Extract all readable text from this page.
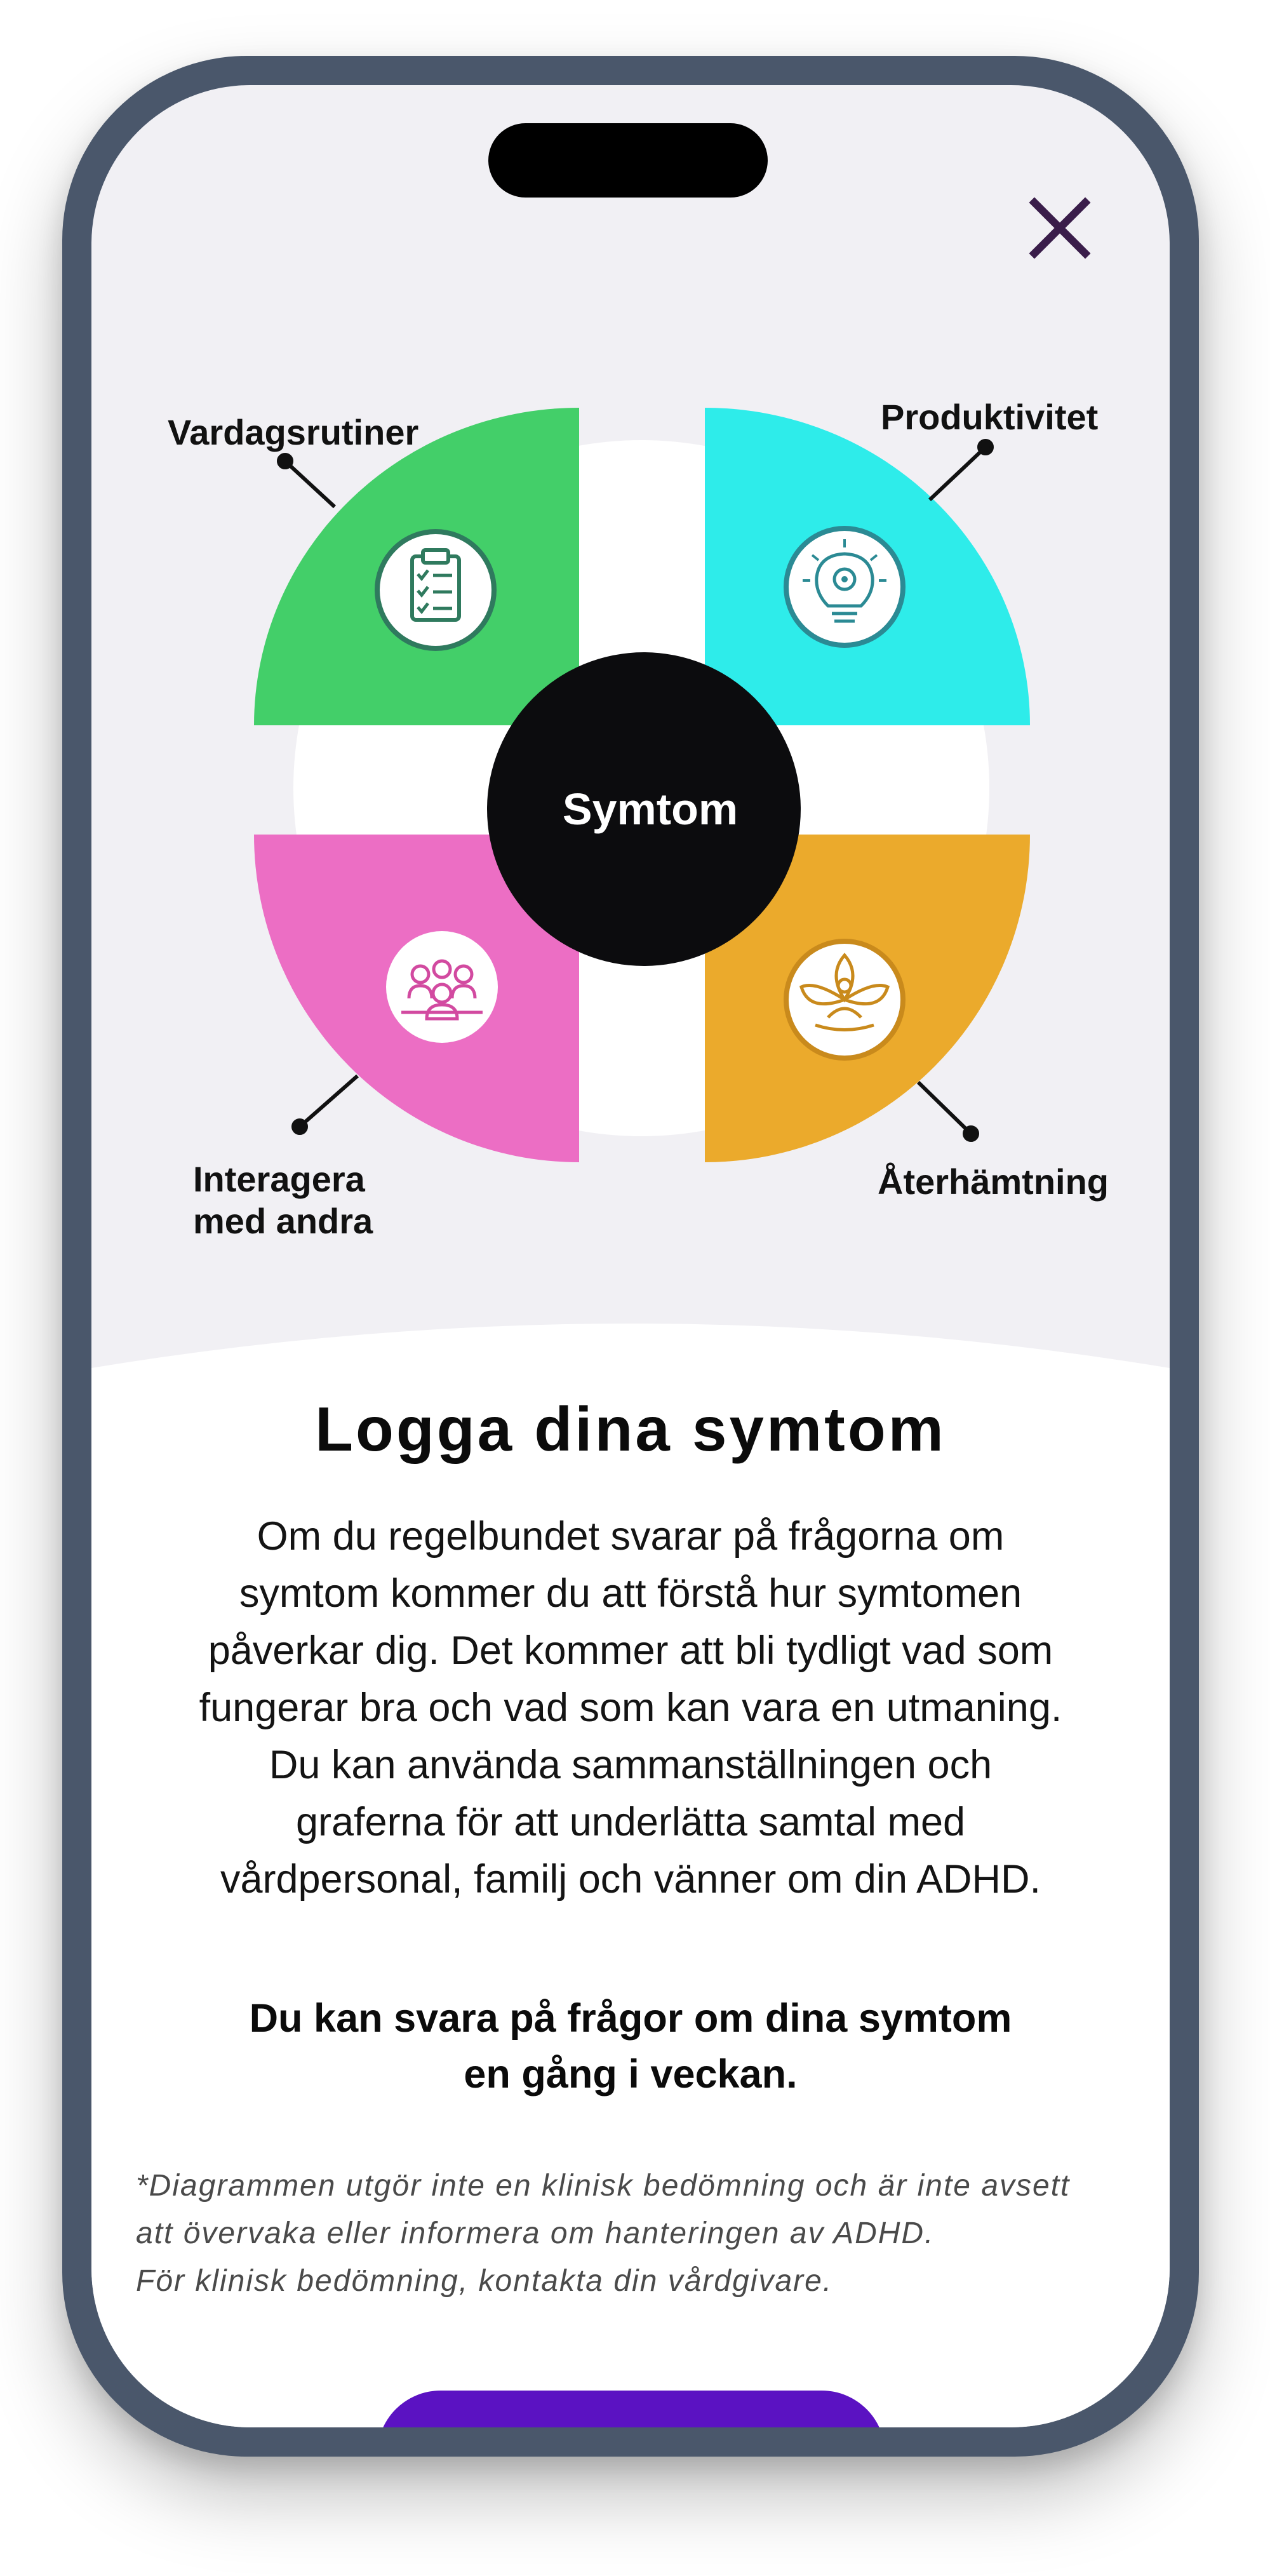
Vardagsrutiner	Produktivitet
Interagera
med andra
Återhämtning
Symtom
Logga dina symtom

Om du regelbundet svarar på frågorna om
symtom kommer du att förstå hur symtomen
påverkar dig. Det kommer att bli tydligt vad som
fungerar bra och vad som kan vara en utmaning.
Du kan använda sammanställningen och
graferna för att underlätta samtal med
vårdpersonal, familj och vänner om din ADHD.

Du kan svara på frågor om dina symtom
en gång i veckan.

*Diagrammen utgör inte en klinisk bedömning och är inte avsett
att övervaka eller informera om hanteringen av ADHD.
För klinisk bedömning, kontakta din vårdgivare.
